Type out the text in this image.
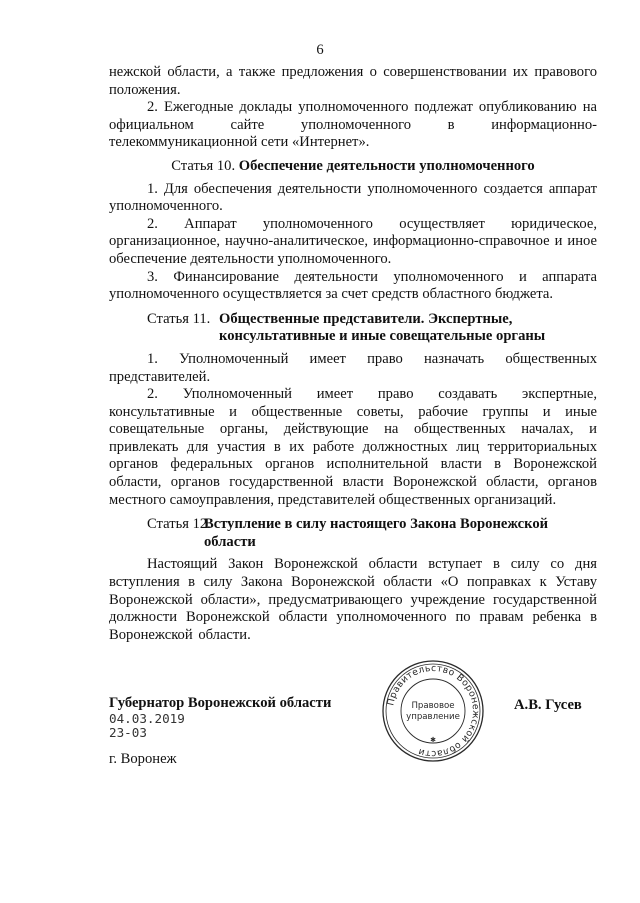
6

нежской области, а также предложения о совершенствовании их правового положения.

2. Ежегодные доклады уполномоченного подлежат опубликованию на официальном сайте уполномоченного в информационно-телекоммуникационной сети «Интернет».

Статья 10. Обеспечение деятельности уполномоченного

1. Для обеспечения деятельности уполномоченного создается аппарат уполномоченного.

2. Аппарат уполномоченного осуществляет юридическое, организационное, научно-аналитическое, информационно-справочное и иное обеспечение деятельности уполномоченного.

3. Финансирование деятельности уполномоченного и аппарата уполномоченного осуществляется за счет средств областного бюджета.

Статья 11. Общественные представители. Экспертные, консультативные и иные совещательные органы

1. Уполномоченный имеет право назначать общественных представителей.

2. Уполномоченный имеет право создавать экспертные, консультативные и общественные советы, рабочие группы и иные совещательные органы, действующие на общественных началах, и привлекать для участия в их работе должностных лиц территориальных органов федеральных органов исполнительной власти в Воронежской области, органов государственной власти Воронежской области, органов местного самоуправления, представителей общественных организаций.

Статья 12.
Вступление в силу настоящего Закона Воронежской области

Настоящий Закон Воронежской области вступает в силу со дня вступления в силу Закона Воронежской области «О поправках к Уставу Воронежской области», предусматривающего учреждение государственной должности Воронежской области уполномоченного по правам ребенка в Воронежской области.

Губернатор Воронежской области
04.03.2019
23-03
А.В. Гусев
г. Воронеж
Правительство Воронежской области
Правовое
управление
✱
